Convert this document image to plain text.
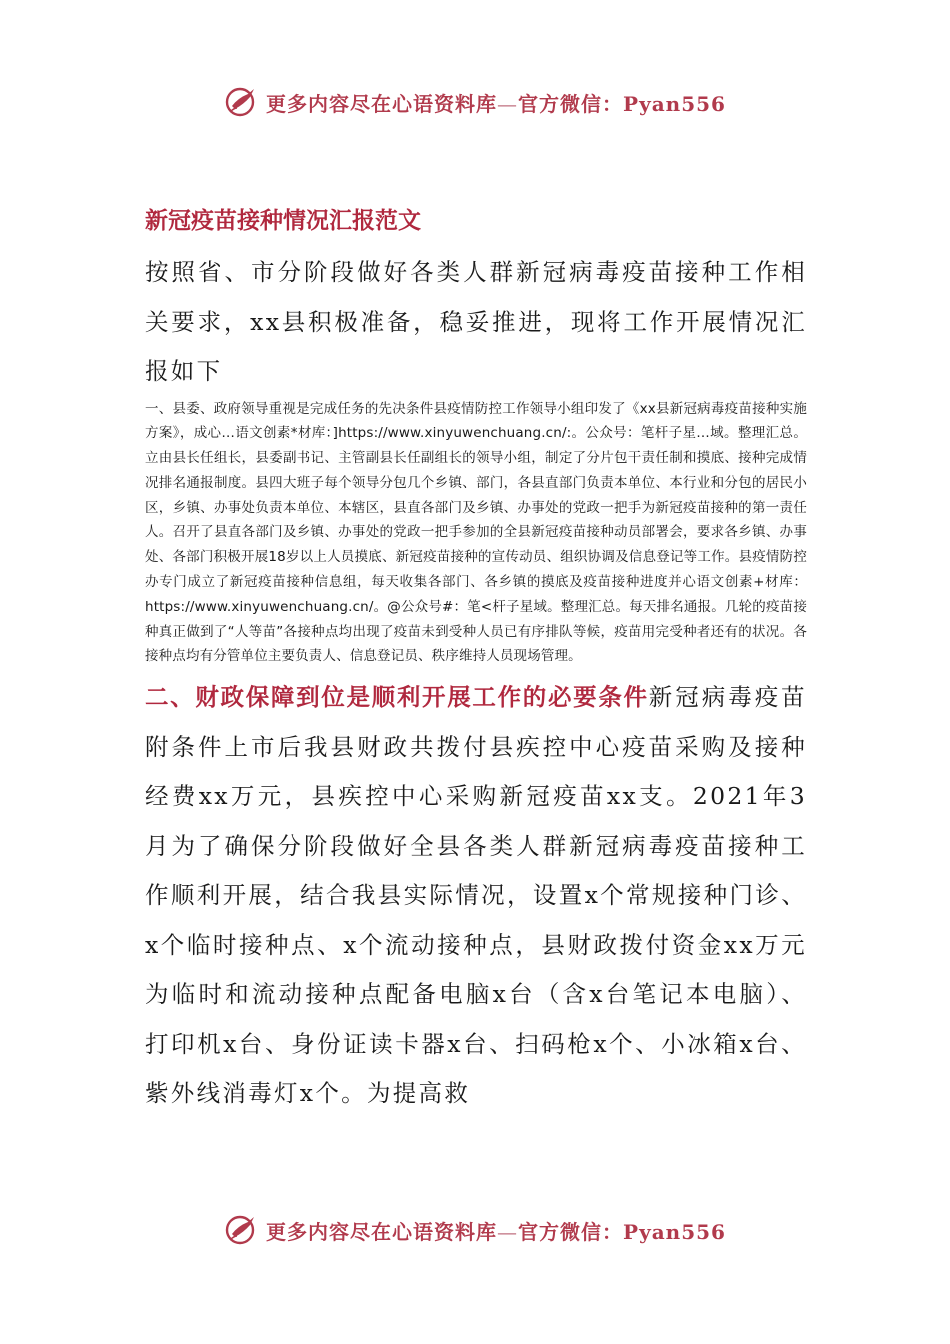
更多内容尽在心语资料库—官方微信：Pyan556
新冠疫苗接种情况汇报范文

按照省、市分阶段做好各类人群新冠病毒疫苗接种工作相关要求，xx县积极准备，稳妥推进，现将工作开展情况汇报如下

一、县委、政府领导重视是完成任务的先决条件县疫情防控工作领导小组印发了《xx县新冠病毒疫苗接种实施方案》，成心…语文创素*材库：]https://www.xinyuwenchuang.cn/:。公众号：笔杆子星…域。整理汇总。立由县长任组长，县委副书记、主管副县长任副组长的领导小组，制定了分片包干责任制和摸底、接种完成情况排名通报制度。县四大班子每个领导分包几个乡镇、部门，各县直部门负责本单位、本行业和分包的居民小区，乡镇、办事处负责本单位、本辖区，县直各部门及乡镇、办事处的党政一把手为新冠疫苗接种的第一责任人。召开了县直各部门及乡镇、办事处的党政一把手参加的全县新冠疫苗接种动员部署会，要求各乡镇、办事处、各部门积极开展18岁以上人员摸底、新冠疫苗接种的宣传动员、组织协调及信息登记等工作。县疫情防控办专门成立了新冠疫苗接种信息组，每天收集各部门、各乡镇的摸底及疫苗接种进度并心语文创素+材库：https://www.xinyuwenchuang.cn/。@公众号#：笔<杆子星域。整理汇总。每天排名通报。几轮的疫苗接种真正做到了“人等苗”各接种点均出现了疫苗未到受种人员已有序排队等候，疫苗用完受种者还有的状况。各接种点均有分管单位主要负责人、信息登记员、秩序维持人员现场管理。

二、财政保障到位是顺利开展工作的必要条件新冠病毒疫苗附条件上市后我县财政共拨付县疾控中心疫苗采购及接种经费xx万元，县疾控中心采购新冠疫苗xx支。2021年3月为了确保分阶段做好全县各类人群新冠病毒疫苗接种工作顺利开展，结合我县实际情况，设置x个常规接种门诊、x个临时接种点、x个流动接种点，县财政拨付资金xx万元为临时和流动接种点配备电脑x台（含x台笔记本电脑）、打印机x台、身份证读卡器x台、扫码枪x个、小冰箱x台、紫外线消毒灯x个。为提高救

更多内容尽在心语资料库—官方微信：Pyan556
